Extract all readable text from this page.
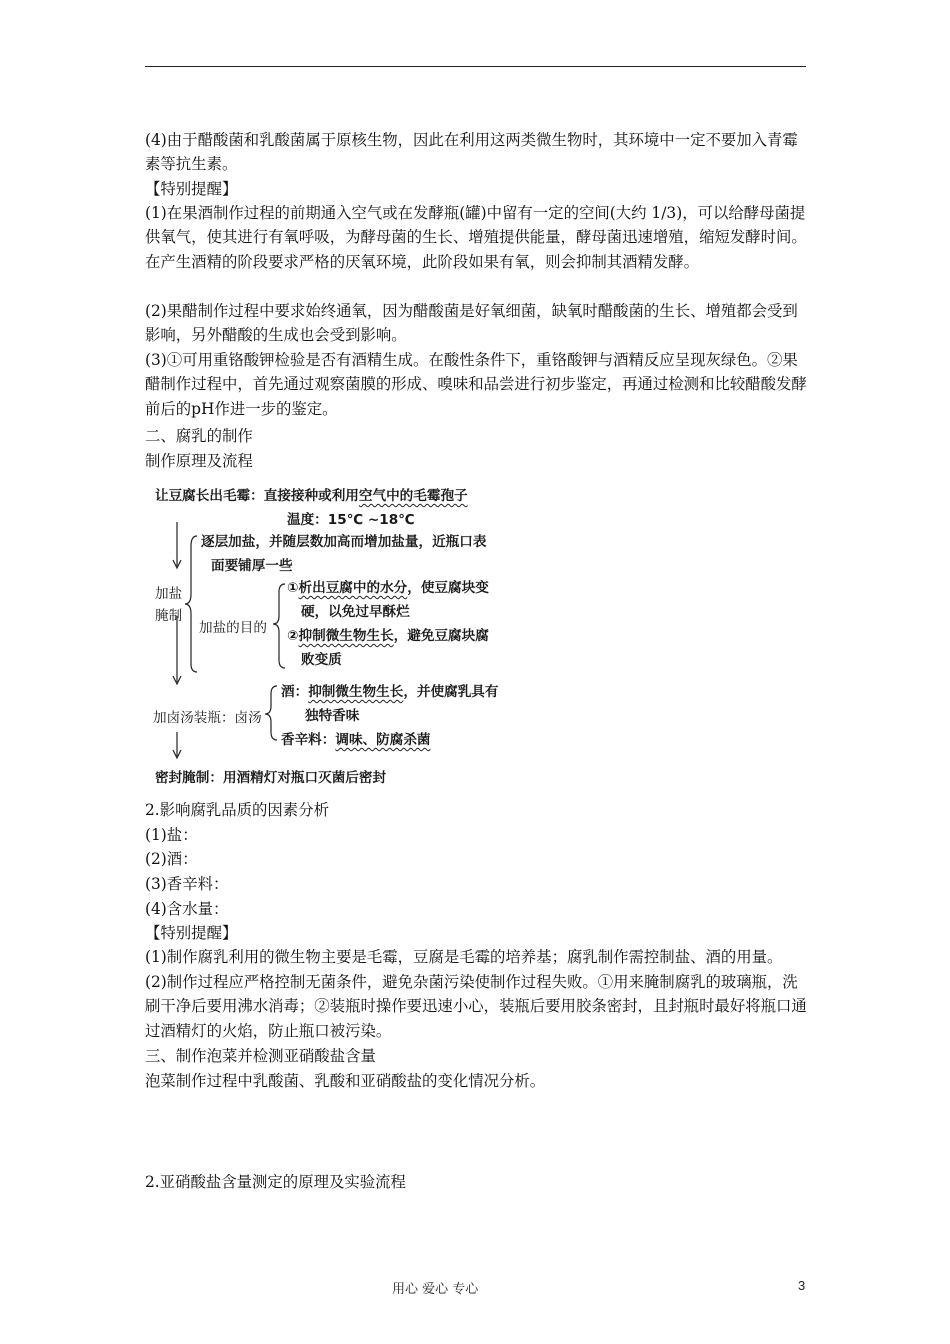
(4)由于醋酸菌和乳酸菌属于原核生物，因此在利用这两类微生物时，其环境中一定不要加入青霉素等抗生素。

【特别提醒】

(1)在果酒制作过程的前期通入空气或在发酵瓶(罐)中留有一定的空间(大约 1/3)，可以给酵母菌提供氧气，使其进行有氧呼吸，为酵母菌的生长、增殖提供能量，酵母菌迅速增殖，缩短发酵时间。在产生酒精的阶段要求严格的厌氧环境，此阶段如果有氧，则会抑制其酒精发酵。

(2)果醋制作过程中要求始终通氧，因为醋酸菌是好氧细菌，缺氧时醋酸菌的生长、增殖都会受到影响，另外醋酸的生成也会受到影响。

(3)①可用重铬酸钾检验是否有酒精生成。在酸性条件下，重铬酸钾与酒精反应呈现灰绿色。②果醋制作过程中，首先通过观察菌膜的形成、嗅味和品尝进行初步鉴定，再通过检测和比较醋酸发酵前后的pH作进一步的鉴定。

二、腐乳的制作
制作原理及流程
让豆腐长出毛霉：直接接种或利用空气中的毛霉孢子
温度：15℃ ~18℃
逐层加盐，并随层数加高而增加盐量，近瓶口表
面要铺厚一些
加盐
腌制
加盐的目的
①析出豆腐中的水分，使豆腐块变
硬，以免过早酥烂
②抑制微生物生长，避免豆腐块腐
败变质
加卤汤装瓶：卤汤
酒：抑制微生物生长，并使腐乳具有
独特香味
香辛料：调味、防腐杀菌
密封腌制：用酒精灯对瓶口灭菌后密封
2.影响腐乳品质的因素分析
(1)盐：
(2)酒：
(3)香辛料：
(4)含水量：
【特别提醒】

(1)制作腐乳利用的微生物主要是毛霉，豆腐是毛霉的培养基；腐乳制作需控制盐、酒的用量。

(2)制作过程应严格控制无菌条件，避免杂菌污染使制作过程失败。①用来腌制腐乳的玻璃瓶，洗刷干净后要用沸水消毒；②装瓶时操作要迅速小心，装瓶后要用胶条密封，且封瓶时最好将瓶口通过酒精灯的火焰，防止瓶口被污染。

三、制作泡菜并检测亚硝酸盐含量
泡菜制作过程中乳酸菌、乳酸和亚硝酸盐的变化情况分析。
2.亚硝酸盐含量测定的原理及实验流程
用心 爱心 专心	3
